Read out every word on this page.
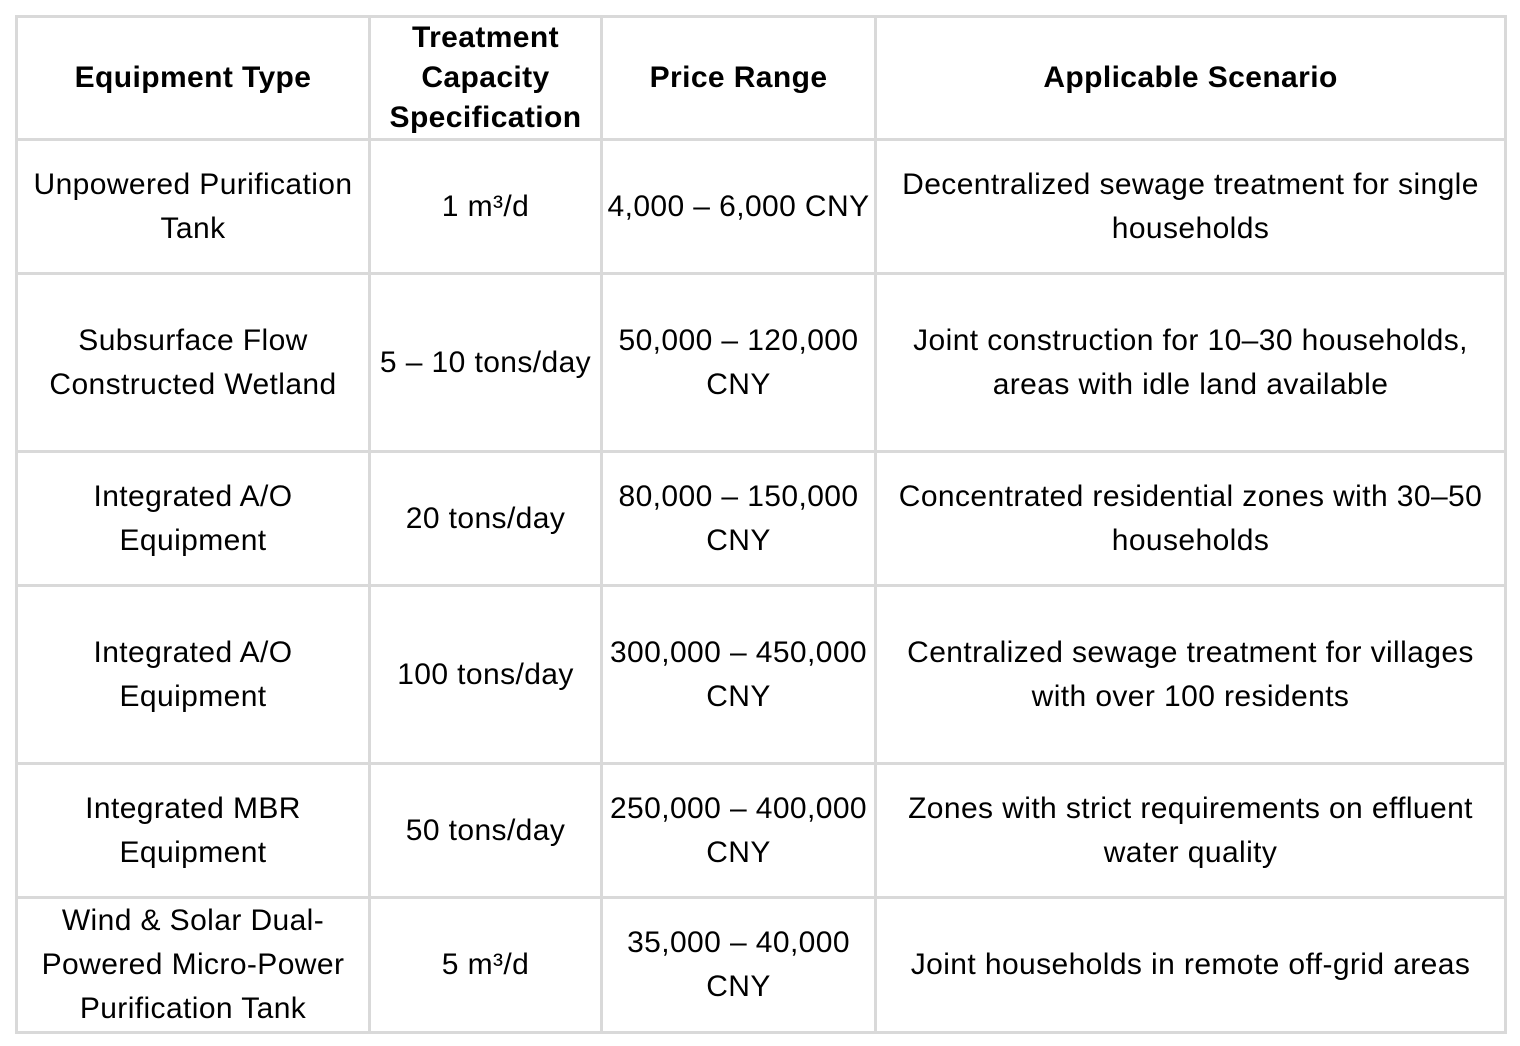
Equipment Type	Treatment Capacity Specification	Price Range	Applicable Scenario
Unpowered Purification Tank	1 m³/d	4,000 – 6,000 CNY	Decentralized sewage treatment for single households
Subsurface Flow Constructed Wetland	5 – 10 tons/day	50,000 – 120,000 CNY	Joint construction for 10–30 households, areas with idle land available
Integrated A/O Equipment	20 tons/day	80,000 – 150,000 CNY	Concentrated residential zones with 30–50 households
Integrated A/O Equipment	100 tons/day	300,000 – 450,000 CNY	Centralized sewage treatment for villages with over 100 residents
Integrated MBR Equipment	50 tons/day	250,000 – 400,000 CNY	Zones with strict requirements on effluent water quality
Wind & Solar Dual-Powered Micro-Power Purification Tank	5 m³/d	35,000 – 40,000 CNY	Joint households in remote off-grid areas
